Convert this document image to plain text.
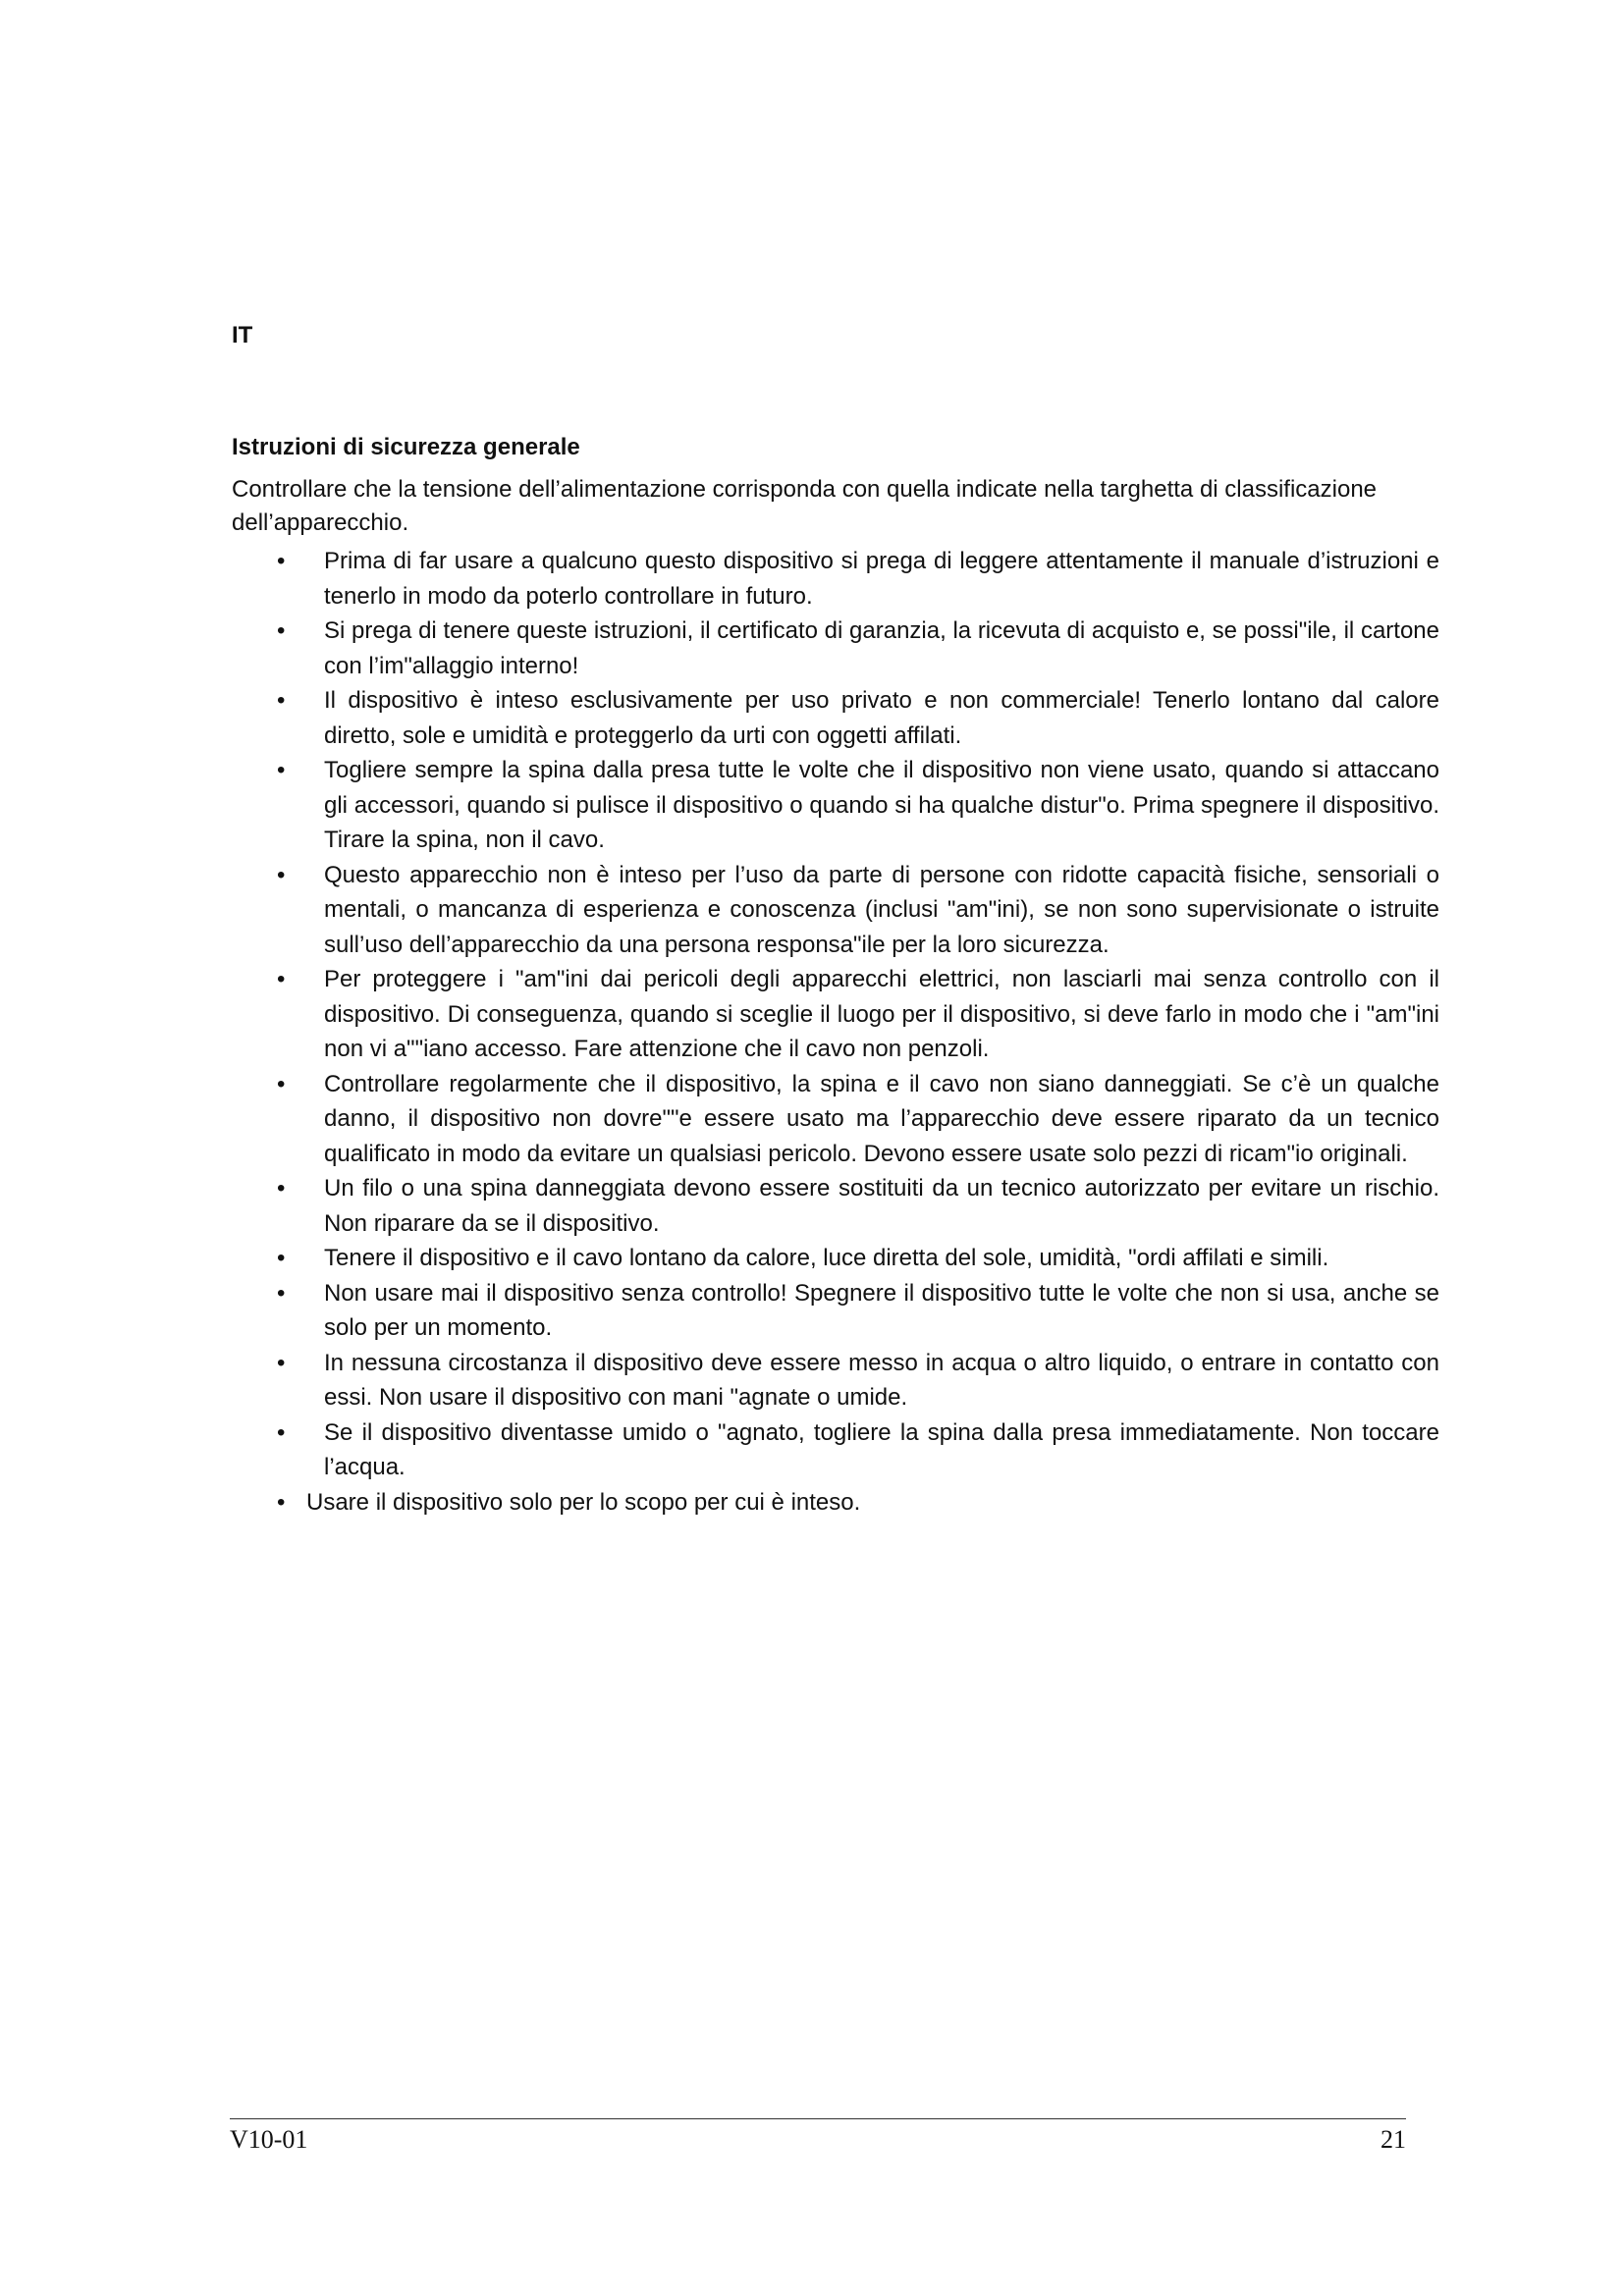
IT

Istruzioni di sicurezza generale

Controllare che la tensione dell’alimentazione corrisponda con quella indicate nella targhetta di classificazione dell’apparecchio.

• Prima di far usare a qualcuno questo dispositivo si prega di leggere attentamente il manuale d’istruzioni e tenerlo in modo da poterlo controllare in futuro.
• Si prega di tenere queste istruzioni, il certificato di garanzia, la ricevuta di acquisto e, se possi"ile, il cartone con l’im"allaggio interno!
• Il dispositivo è inteso esclusivamente per uso privato e non commerciale! Tenerlo lontano dal calore diretto, sole e umidità e proteggerlo da urti con oggetti affilati.
• Togliere sempre la spina dalla presa tutte le volte che il dispositivo non viene usato, quando si attaccano gli accessori, quando si pulisce il dispositivo o quando si ha qualche distur"o. Prima spegnere il dispositivo. Tirare la spina, non il cavo.
• Questo apparecchio non è inteso per l’uso da parte di persone con ridotte capacità fisiche, sensoriali o mentali, o mancanza di esperienza e conoscenza (inclusi "am"ini), se non sono supervisionate o istruite sull’uso dell’apparecchio da una persona responsa"ile per la loro sicurezza.
• Per proteggere i "am"ini dai pericoli degli apparecchi elettrici, non lasciarli mai senza controllo con il dispositivo. Di conseguenza, quando si sceglie il luogo per il dispositivo, si deve farlo in modo che i "am"ini non vi a""iano accesso. Fare attenzione che il cavo non penzoli.
• Controllare regolarmente che il dispositivo, la spina e il cavo non siano danneggiati. Se c’è un qualche danno, il dispositivo non dovre""e essere usato ma l’apparecchio deve essere riparato da un tecnico qualificato in modo da evitare un qualsiasi pericolo. Devono essere usate solo pezzi di ricam"io originali.
• Un filo o una spina danneggiata devono essere sostituiti da un tecnico autorizzato per evitare un rischio. Non riparare da se il dispositivo.
• Tenere il dispositivo e il cavo lontano da calore, luce diretta del sole, umidità, "ordi affilati e simili.
• Non usare mai il dispositivo senza controllo! Spegnere il dispositivo tutte le volte che non si usa, anche se solo per un momento.
• In nessuna circostanza il dispositivo deve essere messo in acqua o altro liquido, o entrare in contatto con essi. Non usare il dispositivo con mani "agnate o umide.
• Se il dispositivo diventasse umido o "agnato, togliere la spina dalla presa immediatamente. Non toccare l’acqua.
• Usare il dispositivo solo per lo scopo per cui è inteso.
V10-01	21
